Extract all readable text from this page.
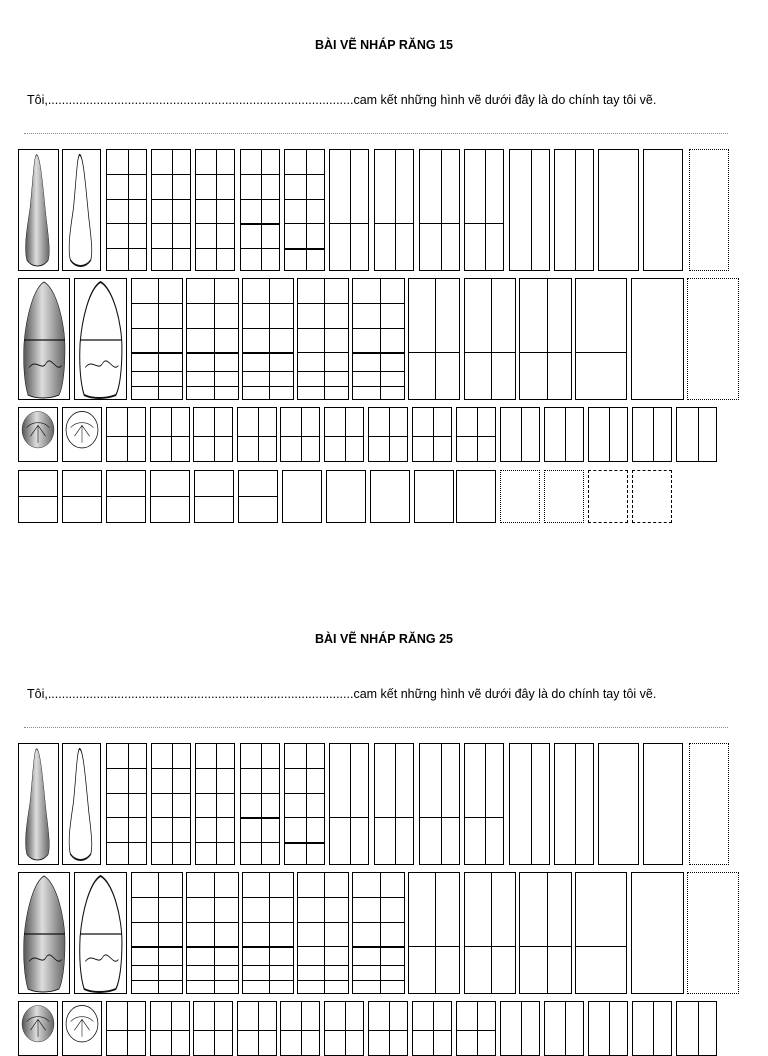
BÀI VẼ NHÁP RĂNG 15
Tôi,........................................................................................cam kết những hình vẽ dưới đây là do chính tay tôi vẽ.
BÀI VẼ NHÁP RĂNG 25
Tôi,........................................................................................cam kết những hình vẽ dưới đây là do chính tay tôi vẽ.
